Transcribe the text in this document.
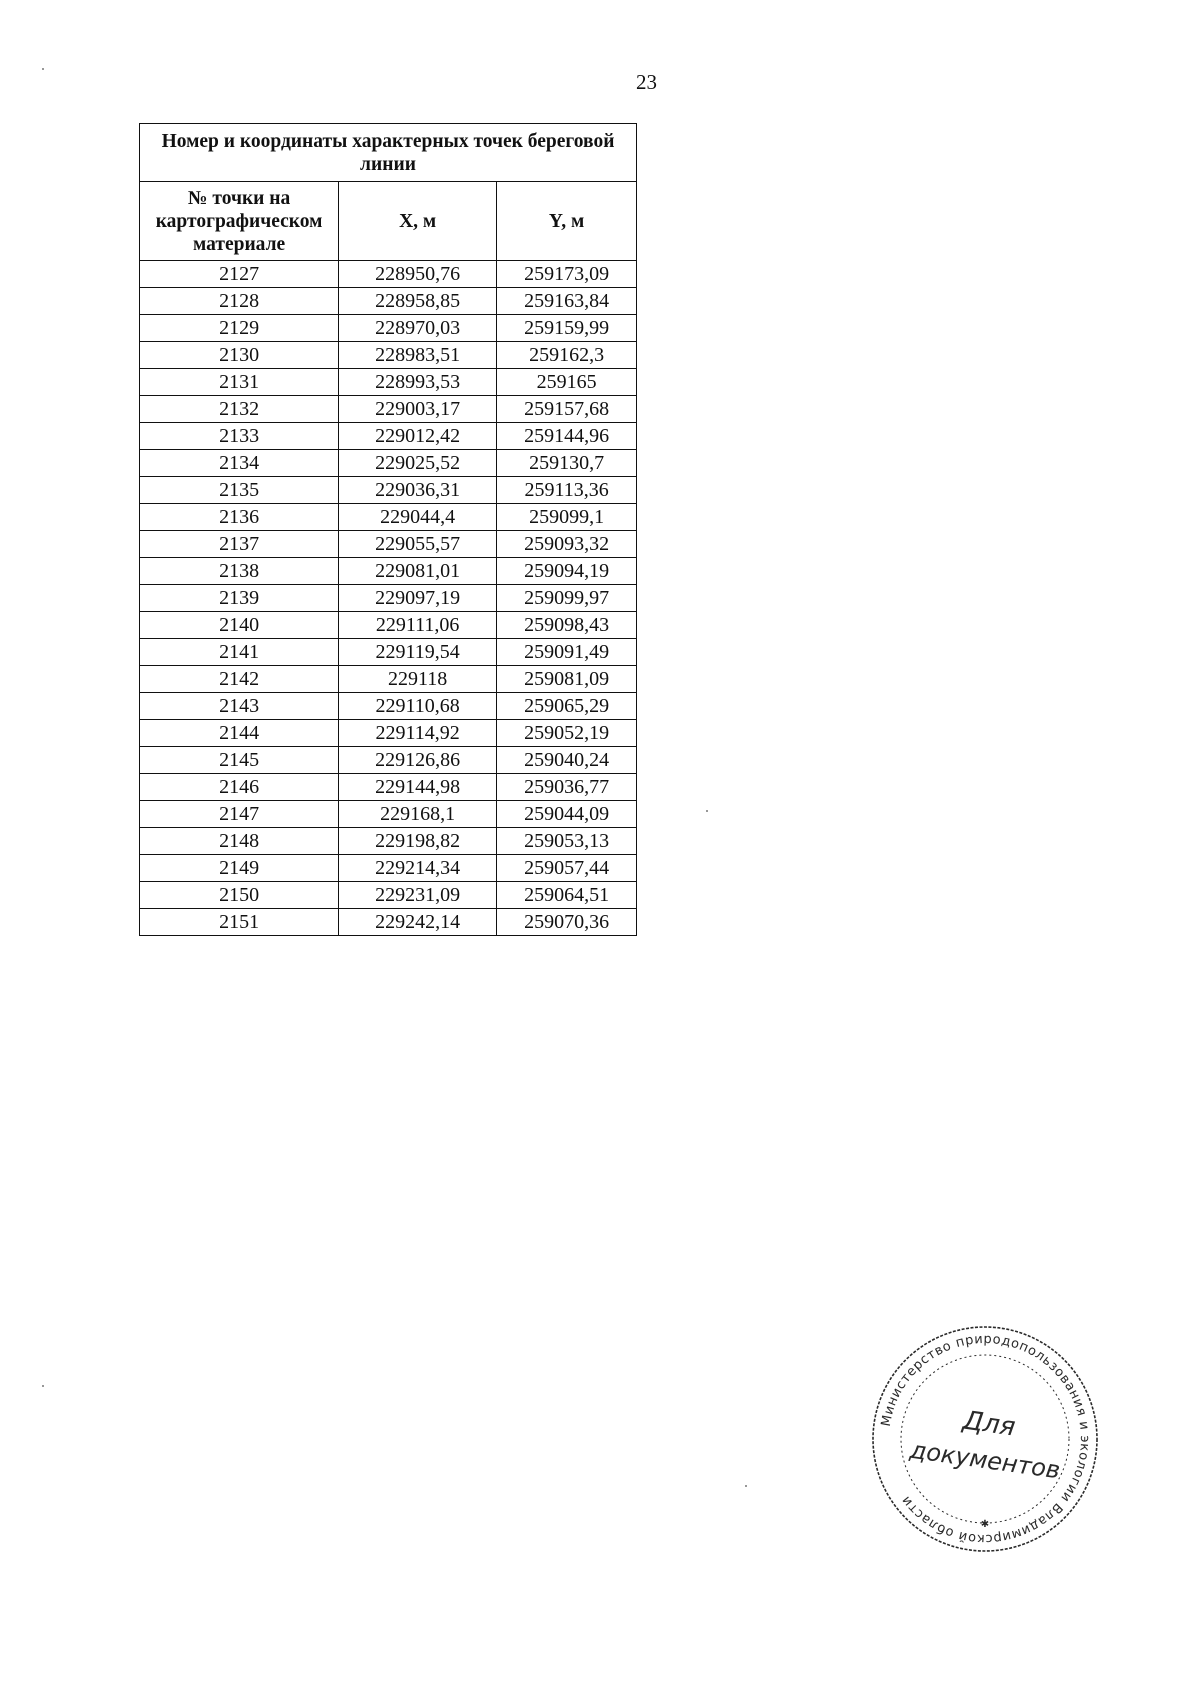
23
Номер и координаты характерных точек береговой линии		
№ точки на картографическом материале	X, м	Y, м
2127	228950,76	259173,09
2128	228958,85	259163,84
2129	228970,03	259159,99
2130	228983,51	259162,3
2131	228993,53	259165
2132	229003,17	259157,68
2133	229012,42	259144,96
2134	229025,52	259130,7
2135	229036,31	259113,36
2136	229044,4	259099,1
2137	229055,57	259093,32
2138	229081,01	259094,19
2139	229097,19	259099,97
2140	229111,06	259098,43
2141	229119,54	259091,49
2142	229118	259081,09
2143	229110,68	259065,29
2144	229114,92	259052,19
2145	229126,86	259040,24
2146	229144,98	259036,77
2147	229168,1	259044,09
2148	229198,82	259053,13
2149	229214,34	259057,44
2150	229231,09	259064,51
2151	229242,14	259070,36
Министерство природопользования и экологии Владимирской области
Для
документов
✱
